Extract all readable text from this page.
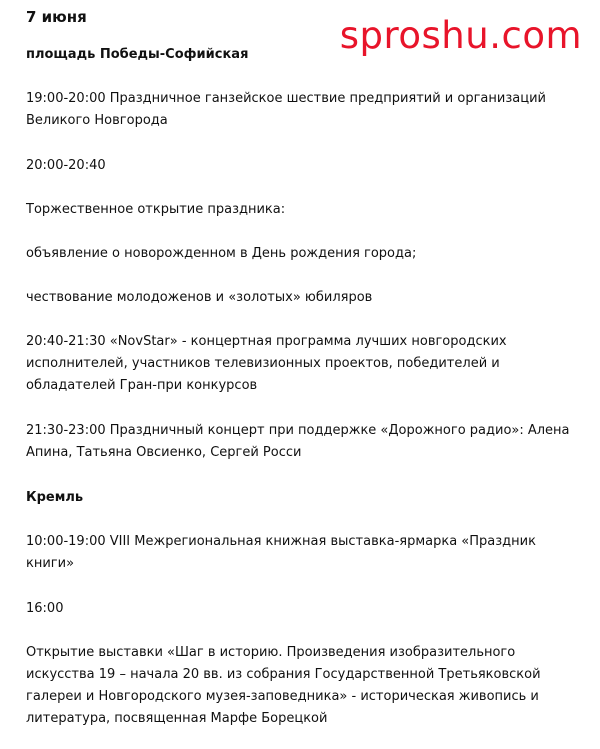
7 июня	sproshu.com

площадь Победы-Софийская

19:00-20:00 Праздничное ганзейское шествие предприятий и организаций Великого Новгорода

20:00-20:40

Торжественное открытие праздника:

объявление о новорожденном в День рождения города;

чествование молодоженов и «золотых» юбиляров

20:40-21:30 «NovStar» - концертная программа лучших новгородских исполнителей, участников телевизионных проектов, победителей и обладателей Гран-при конкурсов

21:30-23:00 Праздничный концерт при поддержке «Дорожного радио»: Алена Апина, Татьяна Овсиенко, Сергей Росси

Кремль

10:00-19:00 VIII Межрегиональная книжная выставка-ярмарка «Праздник книги»

16:00

Открытие выставки «Шаг в историю. Произведения изобразительного искусства 19 – начала 20 вв. из собрания Государственной Третьяковской галереи и Новгородского музея-заповедника» - историческая живопись и литература, посвященная Марфе Борецкой
